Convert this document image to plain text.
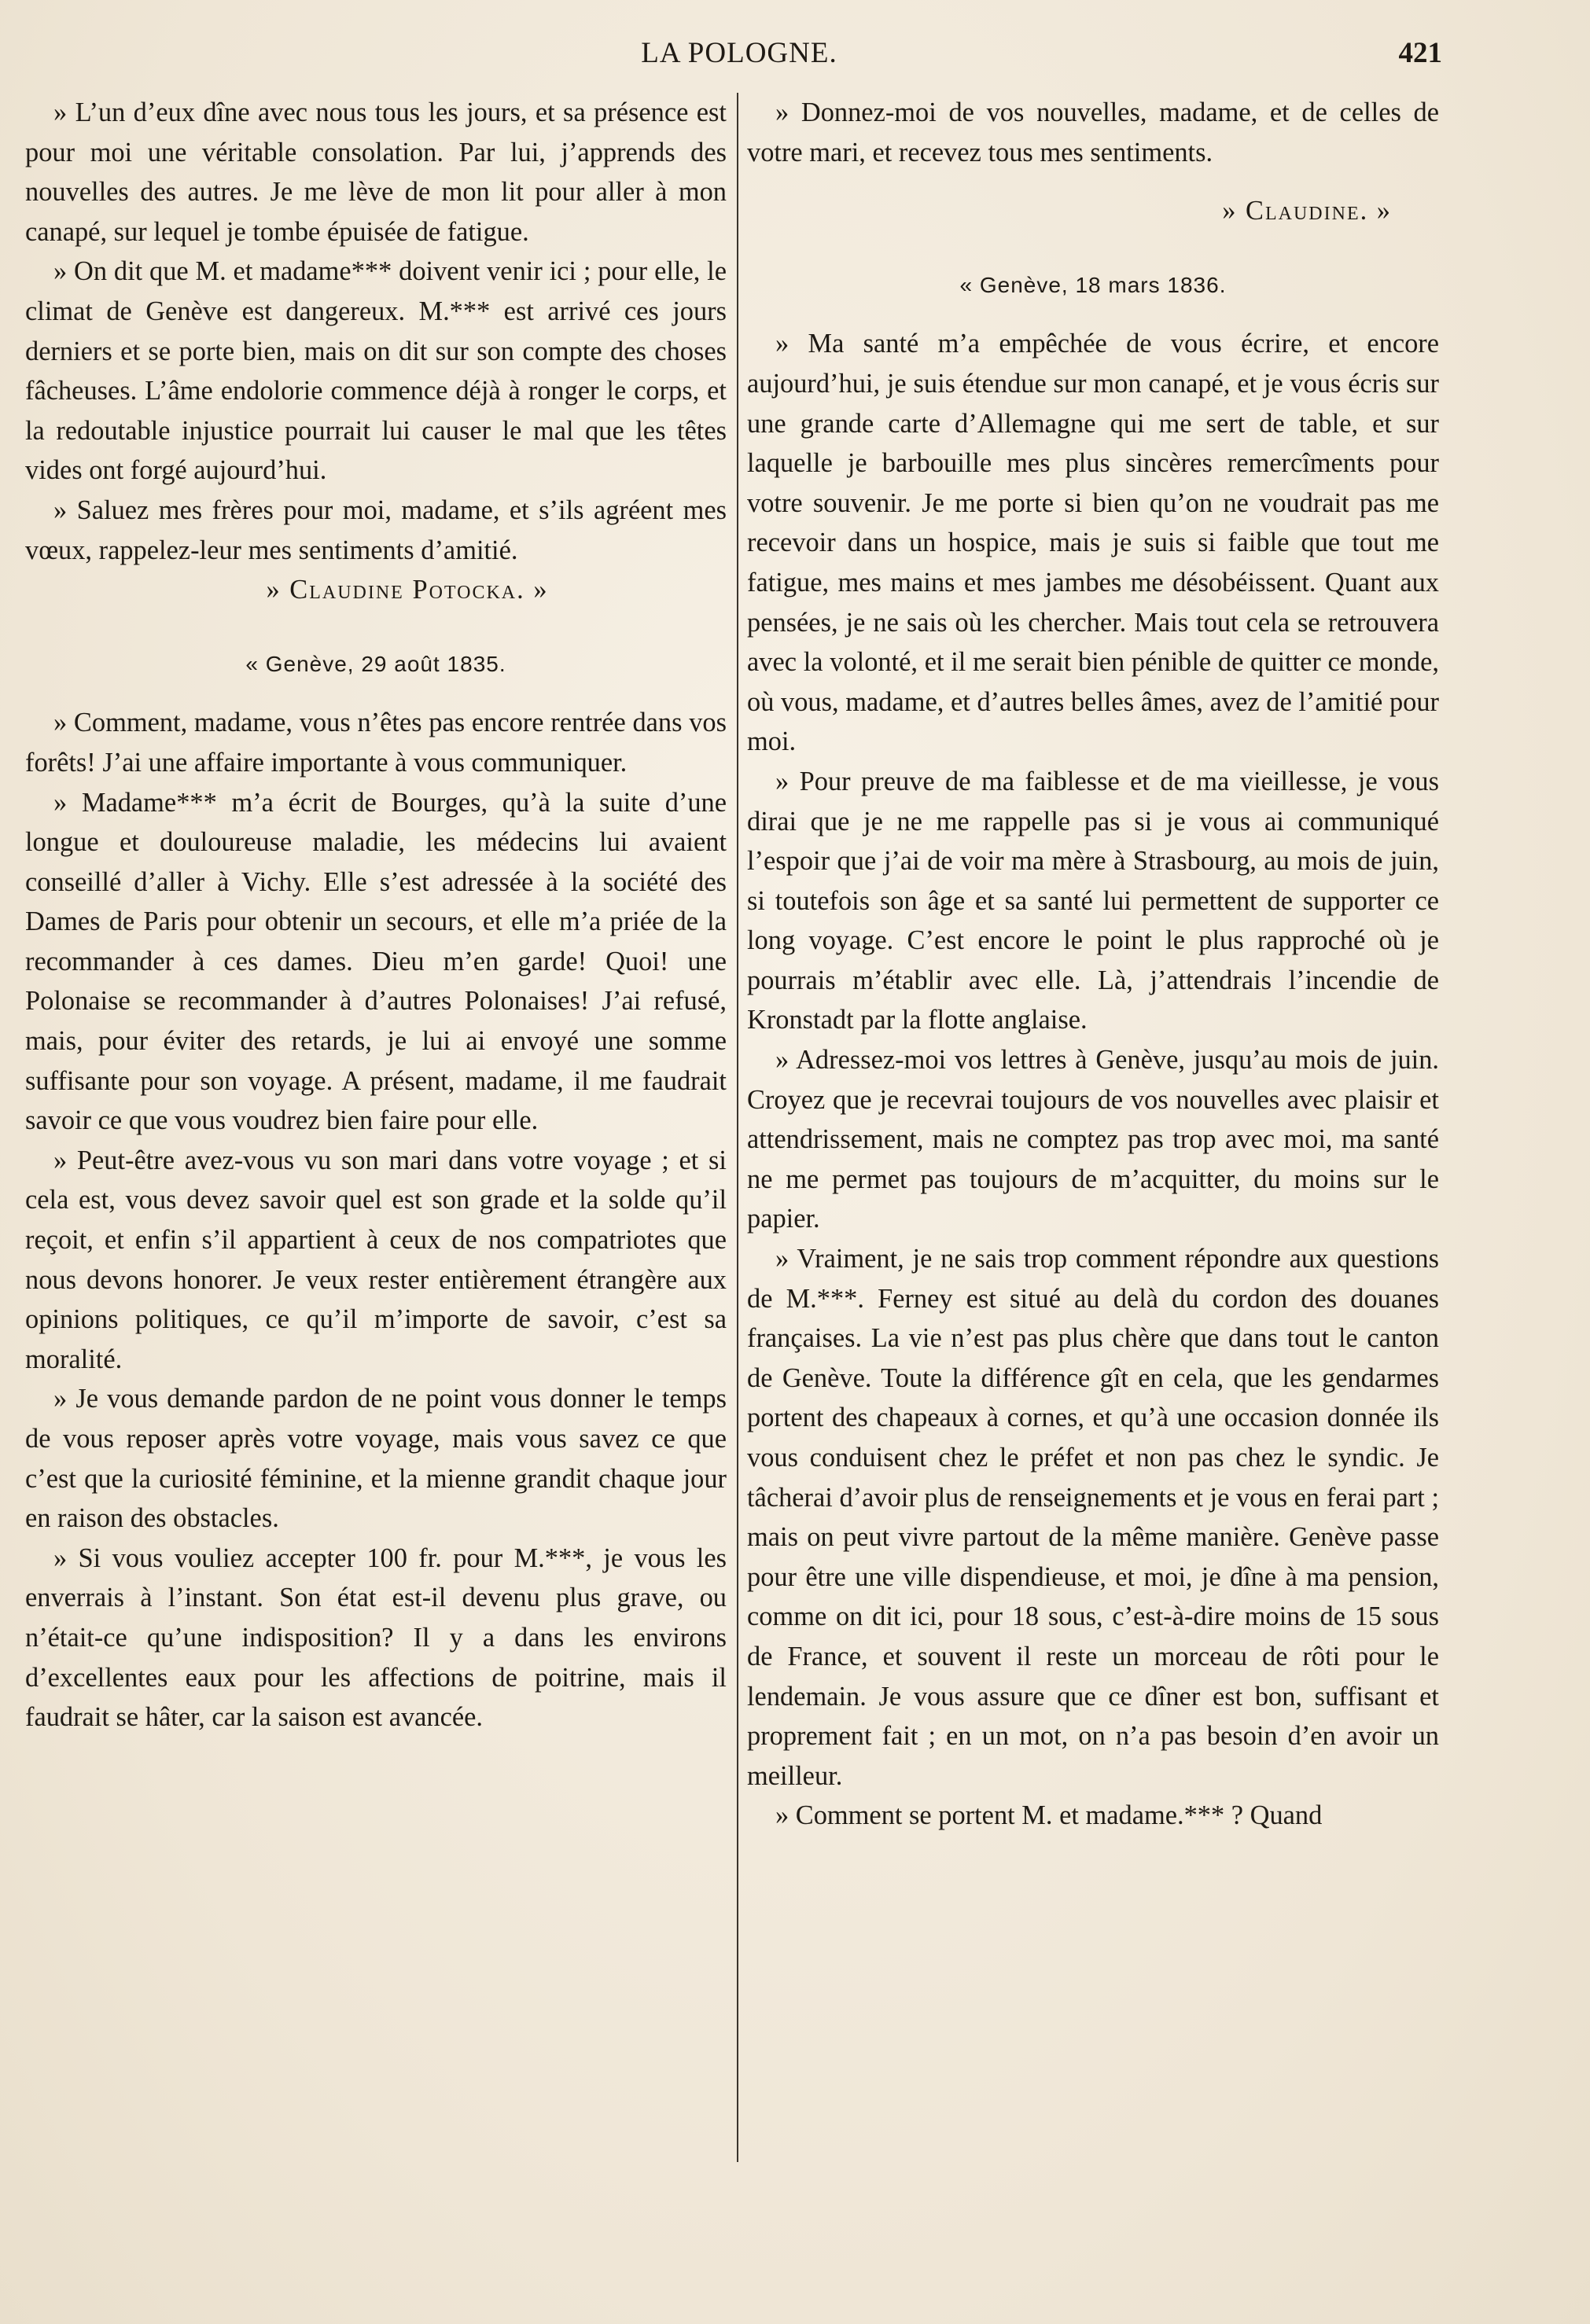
LA POLOGNE.	421

» L’un d’eux dîne avec nous tous les jours, et sa présence est pour moi une véritable consolation. Par lui, j’apprends des nouvelles des autres. Je me lève de mon lit pour aller à mon canapé, sur lequel je tombe épuisée de fatigue.

» On dit que M. et madame*** doivent venir ici ; pour elle, le climat de Genève est dangereux. M.*** est arrivé ces jours derniers et se porte bien, mais on dit sur son compte des choses fâcheuses. L’âme endolorie commence déjà à ronger le corps, et la redoutable injustice pourrait lui causer le mal que les têtes vides ont forgé aujourd’hui.

» Saluez mes frères pour moi, madame, et s’ils agréent mes vœux, rappelez-leur mes sentiments d’amitié.

» Claudine Potocka. »

« Genève, 29 août 1835.

» Comment, madame, vous n’êtes pas encore rentrée dans vos forêts! J’ai une affaire importante à vous communiquer.

» Madame*** m’a écrit de Bourges, qu’à la suite d’une longue et douloureuse maladie, les médecins lui avaient conseillé d’aller à Vichy. Elle s’est adressée à la société des Dames de Paris pour obtenir un secours, et elle m’a priée de la recommander à ces dames. Dieu m’en garde! Quoi! une Polonaise se recommander à d’autres Polonaises! J’ai refusé, mais, pour éviter des retards, je lui ai envoyé une somme suffisante pour son voyage. A présent, madame, il me faudrait savoir ce que vous voudrez bien faire pour elle.

» Peut-être avez-vous vu son mari dans votre voyage ; et si cela est, vous devez savoir quel est son grade et la solde qu’il reçoit, et enfin s’il appartient à ceux de nos compatriotes que nous devons honorer. Je veux rester entièrement étrangère aux opinions politiques, ce qu’il m’importe de savoir, c’est sa moralité.

» Je vous demande pardon de ne point vous donner le temps de vous reposer après votre voyage, mais vous savez ce que c’est que la curiosité féminine, et la mienne grandit chaque jour en raison des obstacles.

» Si vous vouliez accepter 100 fr. pour M.***, je vous les enverrais à l’instant. Son état est-il devenu plus grave, ou n’était-ce qu’une indisposition? Il y a dans les environs d’excellentes eaux pour les affections de poitrine, mais il faudrait se hâter, car la saison est avancée.

» Donnez-moi de vos nouvelles, madame, et de celles de votre mari, et recevez tous mes sentiments.

» Claudine. »

« Genève, 18 mars 1836.

» Ma santé m’a empêchée de vous écrire, et encore aujourd’hui, je suis étendue sur mon canapé, et je vous écris sur une grande carte d’Allemagne qui me sert de table, et sur laquelle je barbouille mes plus sincères remercîments pour votre souvenir. Je me porte si bien qu’on ne voudrait pas me recevoir dans un hospice, mais je suis si faible que tout me fatigue, mes mains et mes jambes me désobéissent. Quant aux pensées, je ne sais où les chercher. Mais tout cela se retrouvera avec la volonté, et il me serait bien pénible de quitter ce monde, où vous, madame, et d’autres belles âmes, avez de l’amitié pour moi.

» Pour preuve de ma faiblesse et de ma vieillesse, je vous dirai que je ne me rappelle pas si je vous ai communiqué l’espoir que j’ai de voir ma mère à Strasbourg, au mois de juin, si toutefois son âge et sa santé lui permettent de supporter ce long voyage. C’est encore le point le plus rapproché où je pourrais m’établir avec elle. Là, j’attendrais l’incendie de Kronstadt par la flotte anglaise.

» Adressez-moi vos lettres à Genève, jusqu’au mois de juin. Croyez que je recevrai toujours de vos nouvelles avec plaisir et attendrissement, mais ne comptez pas trop avec moi, ma santé ne me permet pas toujours de m’acquitter, du moins sur le papier.

» Vraiment, je ne sais trop comment répondre aux questions de M.***. Ferney est situé au delà du cordon des douanes françaises. La vie n’est pas plus chère que dans tout le canton de Genève. Toute la différence gît en cela, que les gendarmes portent des chapeaux à cornes, et qu’à une occasion donnée ils vous conduisent chez le préfet et non pas chez le syndic. Je tâcherai d’avoir plus de renseignements et je vous en ferai part ; mais on peut vivre partout de la même manière. Genève passe pour être une ville dispendieuse, et moi, je dîne à ma pension, comme on dit ici, pour 18 sous, c’est-à-dire moins de 15 sous de France, et souvent il reste un morceau de rôti pour le lendemain. Je vous assure que ce dîner est bon, suffisant et proprement fait ; en un mot, on n’a pas besoin d’en avoir un meilleur.

» Comment se portent M. et madame.*** ? Quand
